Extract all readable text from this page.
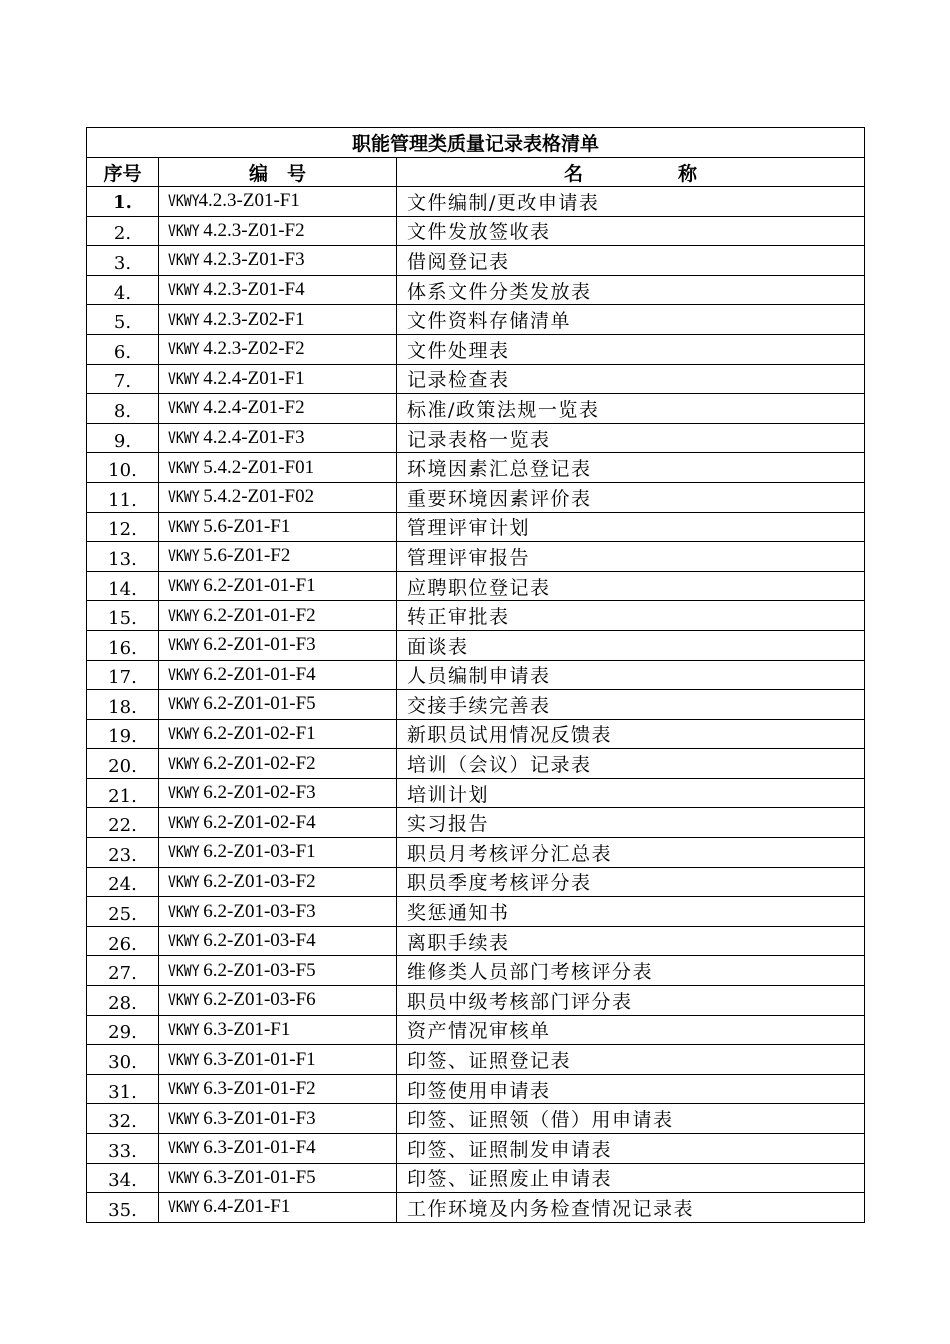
职能管理类质量记录表格清单		
序号	编　号	名　　　　　称
1.	VKWY4.2.3-Z01-F1	文件编制/更改申请表
2.	VKWY 4.2.3-Z01-F2	文件发放签收表
3.	VKWY 4.2.3-Z01-F3	借阅登记表
4.	VKWY 4.2.3-Z01-F4	体系文件分类发放表
5.	VKWY 4.2.3-Z02-F1	文件资料存储清单
6.	VKWY 4.2.3-Z02-F2	文件处理表
7.	VKWY 4.2.4-Z01-F1	记录检查表
8.	VKWY 4.2.4-Z01-F2	标准/政策法规一览表
9.	VKWY 4.2.4-Z01-F3	记录表格一览表
10.	VKWY 5.4.2-Z01-F01	环境因素汇总登记表
11.	VKWY 5.4.2-Z01-F02	重要环境因素评价表
12.	VKWY 5.6-Z01-F1	管理评审计划
13.	VKWY 5.6-Z01-F2	管理评审报告
14.	VKWY 6.2-Z01-01-F1	应聘职位登记表
15.	VKWY 6.2-Z01-01-F2	转正审批表
16.	VKWY 6.2-Z01-01-F3	面谈表
17.	VKWY 6.2-Z01-01-F4	人员编制申请表
18.	VKWY 6.2-Z01-01-F5	交接手续完善表
19.	VKWY 6.2-Z01-02-F1	新职员试用情况反馈表
20.	VKWY 6.2-Z01-02-F2	培训（会议）记录表
21.	VKWY 6.2-Z01-02-F3	培训计划
22.	VKWY 6.2-Z01-02-F4	实习报告
23.	VKWY 6.2-Z01-03-F1	职员月考核评分汇总表
24.	VKWY 6.2-Z01-03-F2	职员季度考核评分表
25.	VKWY 6.2-Z01-03-F3	奖惩通知书
26.	VKWY 6.2-Z01-03-F4	离职手续表
27.	VKWY 6.2-Z01-03-F5	维修类人员部门考核评分表
28.	VKWY 6.2-Z01-03-F6	职员中级考核部门评分表
29.	VKWY 6.3-Z01-F1	资产情况审核单
30.	VKWY 6.3-Z01-01-F1	印签、证照登记表
31.	VKWY 6.3-Z01-01-F2	印签使用申请表
32.	VKWY 6.3-Z01-01-F3	印签、证照领（借）用申请表
33.	VKWY 6.3-Z01-01-F4	印签、证照制发申请表
34.	VKWY 6.3-Z01-01-F5	印签、证照废止申请表
35.	VKWY 6.4-Z01-F1	工作环境及内务检查情况记录表
